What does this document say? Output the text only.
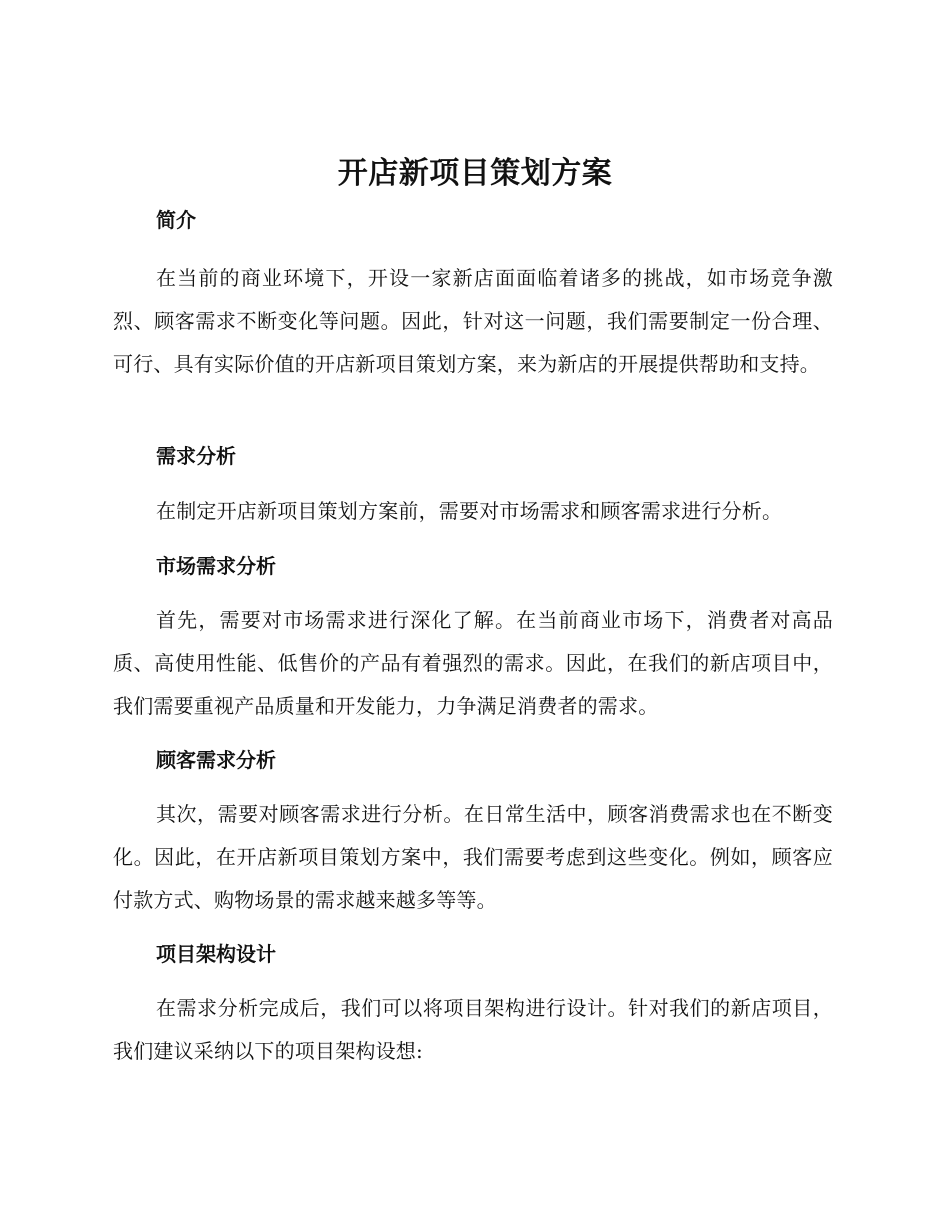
开店新项目策划方案
简介
在当前的商业环境下，开设一家新店面面临着诸多的挑战，如市场竞争激烈、顾客需求不断变化等问题。因此，针对这一问题，我们需要制定一份合理、可行、具有实际价值的开店新项目策划方案，来为新店的开展提供帮助和支持。
需求分析
在制定开店新项目策划方案前，需要对市场需求和顾客需求进行分析。
市场需求分析
首先，需要对市场需求进行深化了解。在当前商业市场下，消费者对高品质、高使用性能、低售价的产品有着强烈的需求。因此，在我们的新店项目中，我们需要重视产品质量和开发能力，力争满足消费者的需求。
顾客需求分析
其次，需要对顾客需求进行分析。在日常生活中，顾客消费需求也在不断变化。因此，在开店新项目策划方案中，我们需要考虑到这些变化。例如，顾客应付款方式、购物场景的需求越来越多等等。
项目架构设计
在需求分析完成后，我们可以将项目架构进行设计。针对我们的新店项目，我们建议采纳以下的项目架构设想:
